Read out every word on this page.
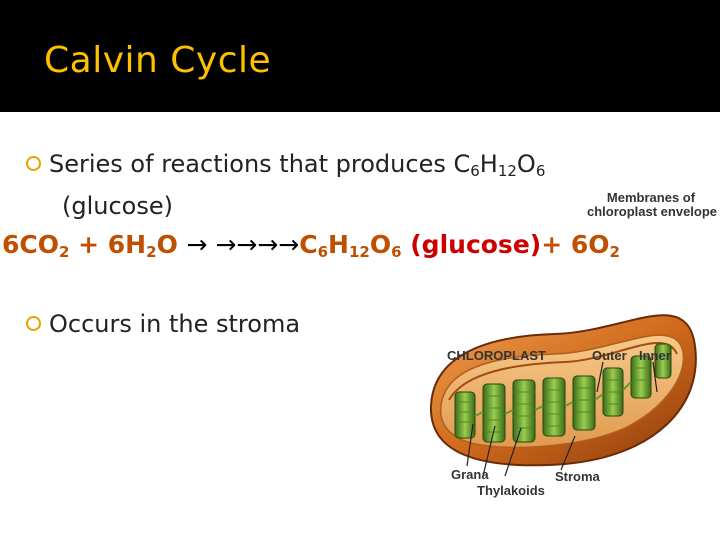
Calvin Cycle
Series of reactions that produces $C_6H_{12}O_6$
(glucose)
$6CO_2 + 6H_2O \to \to\to\to\to C_6H_{12}O_6$ $(glucose)+ 6O_2$
Occurs in the stroma
Membranes of
chloroplast envelope
CHLOROPLAST	Outer Inner
Grana	Stroma
Thylakoids
